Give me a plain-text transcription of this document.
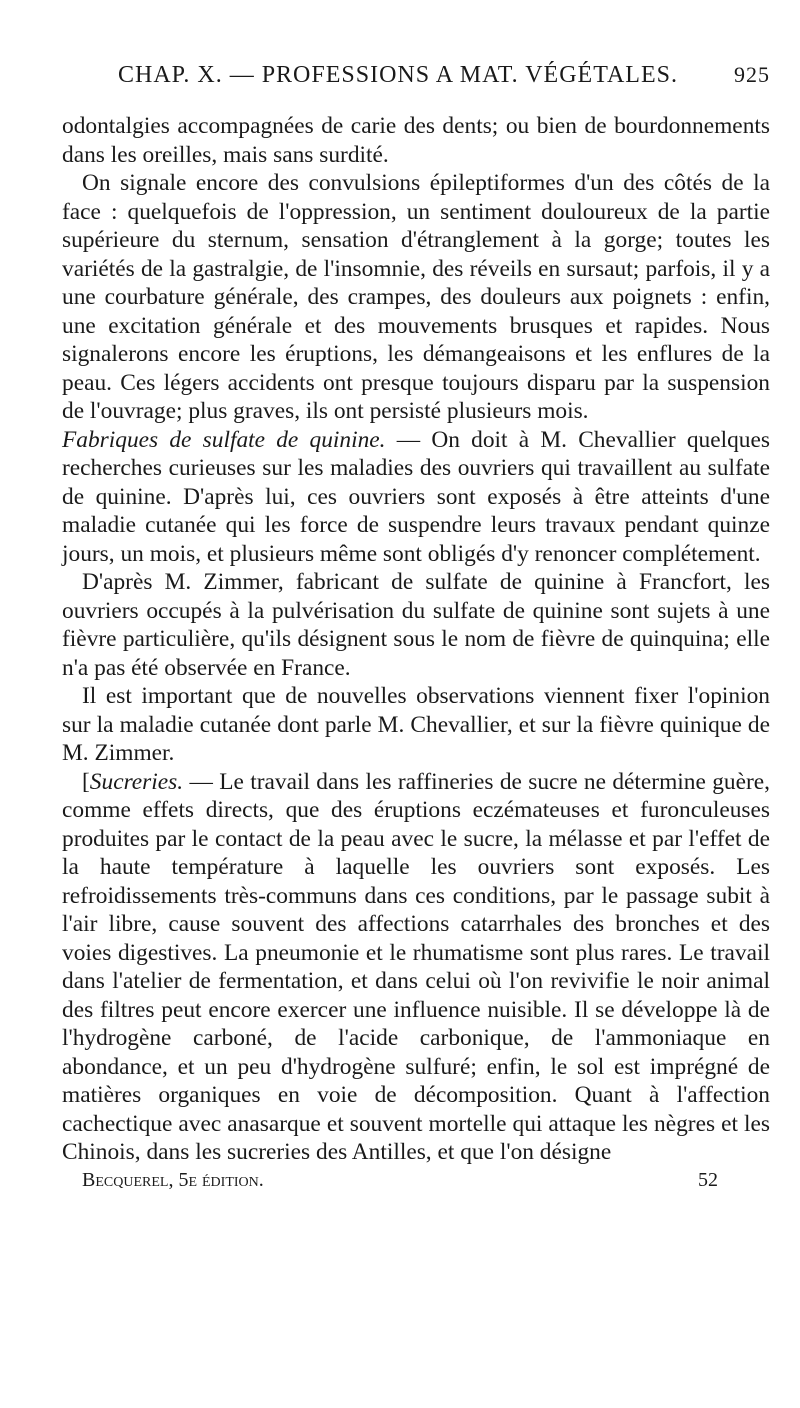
CHAP. X. — PROFESSIONS A MAT. VÉGÉTALES.	925

odontalgies accompagnées de carie des dents; ou bien de bourdonnements dans les oreilles, mais sans surdité.

On signale encore des convulsions épileptiformes d'un des côtés de la face : quelquefois de l'oppression, un sentiment douloureux de la partie supérieure du sternum, sensation d'étranglement à la gorge; toutes les variétés de la gastralgie, de l'insomnie, des réveils en sursaut; parfois, il y a une courbature générale, des crampes, des douleurs aux poignets : enfin, une excitation générale et des mouvements brusques et rapides. Nous signalerons encore les éruptions, les démangeaisons et les enflures de la peau. Ces légers accidents ont presque toujours disparu par la suspension de l'ouvrage; plus graves, ils ont persisté plusieurs mois.

Fabriques de sulfate de quinine. — On doit à M. Chevallier quelques recherches curieuses sur les maladies des ouvriers qui travaillent au sulfate de quinine. D'après lui, ces ouvriers sont exposés à être atteints d'une maladie cutanée qui les force de suspendre leurs travaux pendant quinze jours, un mois, et plusieurs même sont obligés d'y renoncer complétement.

D'après M. Zimmer, fabricant de sulfate de quinine à Francfort, les ouvriers occupés à la pulvérisation du sulfate de quinine sont sujets à une fièvre particulière, qu'ils désignent sous le nom de fièvre de quinquina; elle n'a pas été observée en France.

Il est important que de nouvelles observations viennent fixer l'opinion sur la maladie cutanée dont parle M. Chevallier, et sur la fièvre quinique de M. Zimmer.

[Sucreries. — Le travail dans les raffineries de sucre ne détermine guère, comme effets directs, que des éruptions eczémateuses et furonculeuses produites par le contact de la peau avec le sucre, la mélasse et par l'effet de la haute température à laquelle les ouvriers sont exposés. Les refroidissements très-communs dans ces conditions, par le passage subit à l'air libre, cause souvent des affections catarrhales des bronches et des voies digestives. La pneumonie et le rhumatisme sont plus rares. Le travail dans l'atelier de fermentation, et dans celui où l'on revivifie le noir animal des filtres peut encore exercer une influence nuisible. Il se développe là de l'hydrogène carboné, de l'acide carbonique, de l'ammoniaque en abondance, et un peu d'hydrogène sulfuré; enfin, le sol est imprégné de matières organiques en voie de décomposition. Quant à l'affection cachectique avec anasarque et souvent mortelle qui attaque les nègres et les Chinois, dans les sucreries des Antilles, et que l'on désigne

Becquerel, 5e édition.	52
